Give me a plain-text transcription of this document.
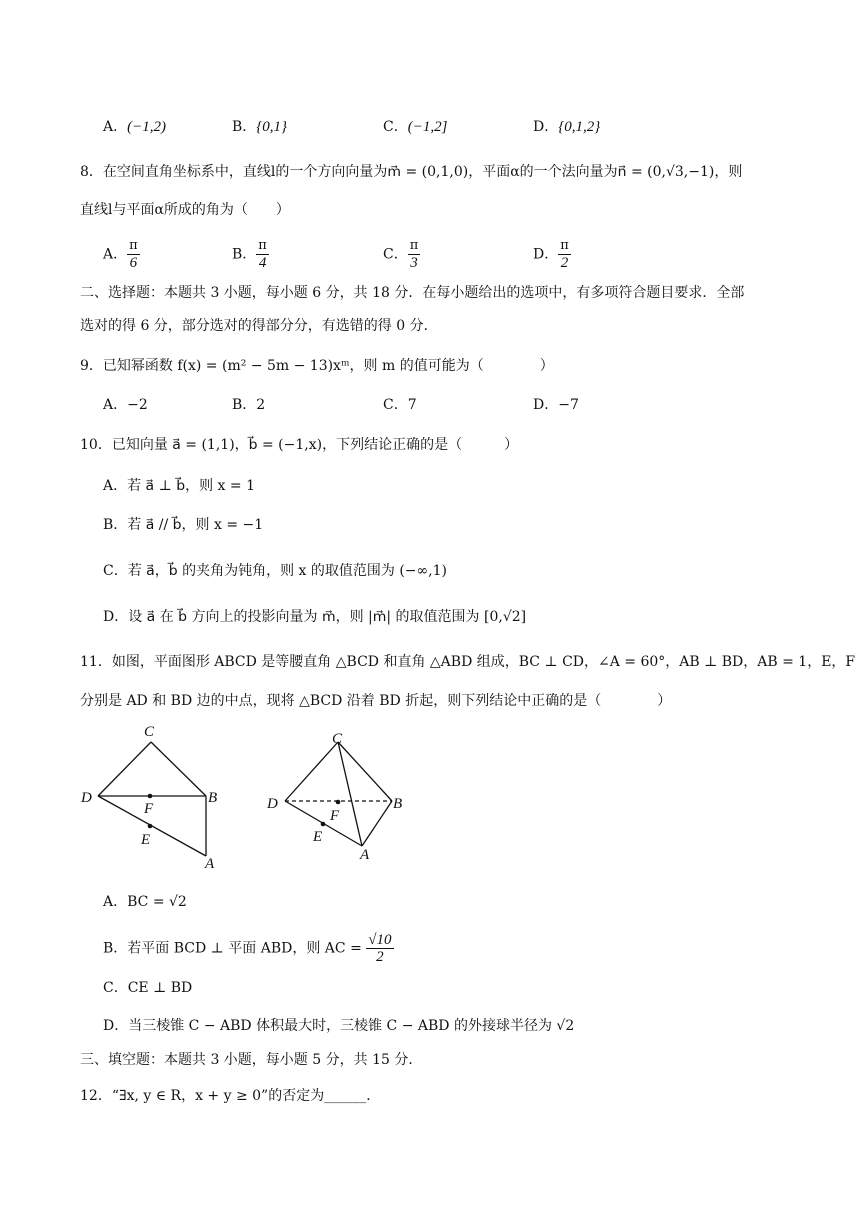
A．(−1,2)	B．{0,1}	C．(−1,2]	D．{0,1,2}
8．在空间直角坐标系中，直线l的一个方向向量为m⃗ = (0,1,0)，平面α的一个法向量为n⃗ = (0,√3,−1)，则
直线l与平面α所成的角为（　　）
A． $\frac{\pi}{6}$	B． $\frac{\pi}{4}$	C． $\frac{\pi}{3}$	D． $\frac{\pi}{2}$
二、选择题：本题共 3 小题，每小题 6 分，共 18 分．在每小题给出的选项中，有多项符合题目要求．全部
选对的得 6 分，部分选对的得部分分，有选错的得 0 分．
9．已知幂函数 f(x) = (m² − 5m − 13)xᵐ，则 m 的值可能为（　　　　）
A．−2	B．2	C．7	D．−7
10．已知向量 a⃗ = (1,1)，b⃗ = (−1,x)，下列结论正确的是（　　　）
A．若 a⃗ ⊥ b⃗，则 x = 1
B．若 a⃗ // b⃗，则 x = −1
C．若 a⃗，b⃗ 的夹角为钝角，则 x 的取值范围为 (−∞,1)
D．设 a⃗ 在 b⃗ 方向上的投影向量为 m⃗，则 |m⃗| 的取值范围为 [0,√2]
11．如图，平面图形 ABCD 是等腰直角 △BCD 和直角 △ABD 组成，BC ⊥ CD，∠A = 60°，AB ⊥ BD，AB = 1，E，F
分别是 AD 和 BD 边的中点，现将 △BCD 沿着 BD 折起，则下列结论中正确的是（　　　　）
C
D	B
A
E
F
C
D	B
A
E
F
A．BC = √2
B．若平面 BCD ⊥ 平面 ABD，则 AC = $\frac{√10}{2}$
C．CE ⊥ BD
D．当三棱锥 C − ABD 体积最大时，三棱锥 C − ABD 的外接球半径为 √2
三、填空题：本题共 3 小题，每小题 5 分，共 15 分．
12．“∃x, y ∈ R，x + y ≥ 0”的否定为______．
